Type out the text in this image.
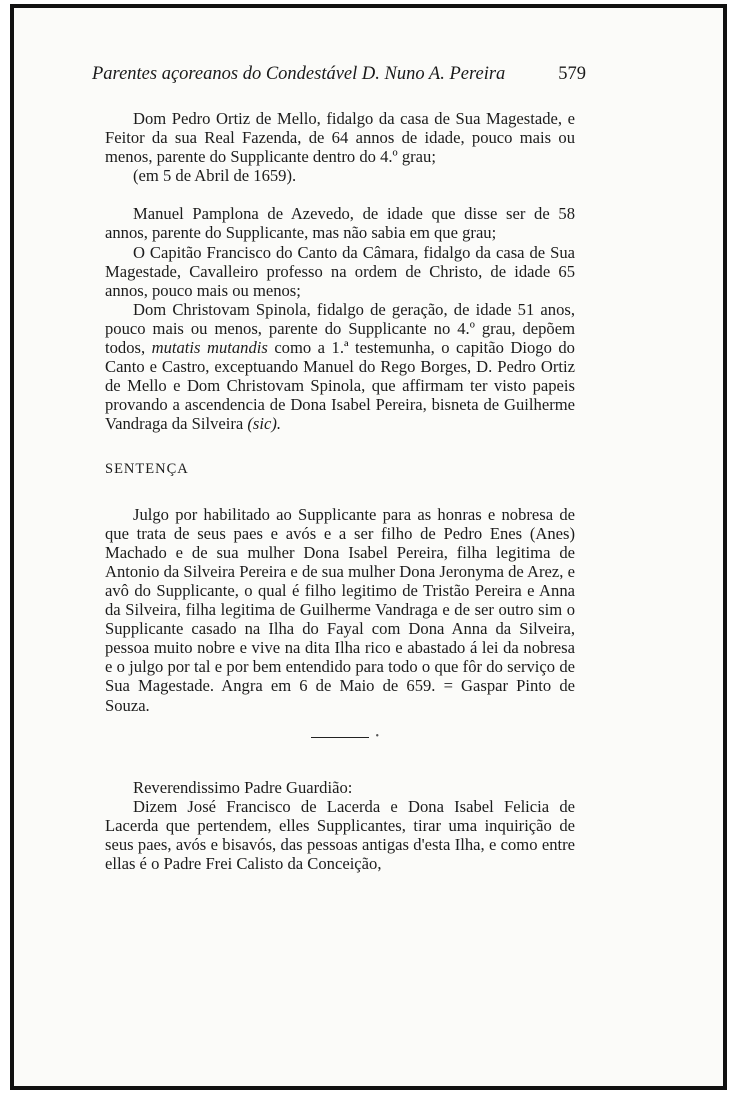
Parentes açoreanos do Condestável D. Nuno A. Pereira	579

Dom Pedro Ortiz de Mello, fidalgo da casa de Sua Magestade, e Feitor da sua Real Fazenda, de 64 annos de idade, pouco mais ou menos, parente do Supplicante dentro do 4.º grau;

(em 5 de Abril de 1659).

Manuel Pamplona de Azevedo, de idade que disse ser de 58 annos, parente do Supplicante, mas não sabia em que grau;

O Capitão Francisco do Canto da Câmara, fidalgo da casa de Sua Magestade, Cavalleiro professo na ordem de Christo, de idade 65 annos, pouco mais ou menos;

Dom Christovam Spinola, fidalgo de geração, de idade 51 anos, pouco mais ou menos, parente do Supplicante no 4.º grau, depõem todos, mutatis mutandis como a 1.ª testemunha, o capitão Diogo do Canto e Castro, exceptuando Manuel do Rego Borges, D. Pedro Ortiz de Mello e Dom Christovam Spinola, que affirmam ter visto papeis provando a ascendencia de Dona Isabel Pereira, bisneta de Guilherme Vandraga da Silveira (sic).

SENTENÇA

Julgo por habilitado ao Supplicante para as honras e nobresa de que trata de seus paes e avós e a ser filho de Pedro Enes (Anes) Machado e de sua mulher Dona Isabel Pereira, filha legitima de Antonio da Silveira Pereira e de sua mulher Dona Jeronyma de Arez, e avô do Supplicante, o qual é filho legitimo de Tristão Pereira e Anna da Silveira, filha legitima de Guilherme Vandraga e de ser outro sim o Supplicante casado na Ilha do Fayal com Dona Anna da Silveira, pessoa muito nobre e vive na dita Ilha rico e abastado á lei da nobresa e o julgo por tal e por bem entendido para todo o que fôr do serviço de Sua Magestade. Angra em 6 de Maio de 659. = Gaspar Pinto de Souza.

•

Reverendissimo Padre Guardião:

Dizem José Francisco de Lacerda e Dona Isabel Felicia de Lacerda que pertendem, elles Supplicantes, tirar uma inquirição de seus paes, avós e bisavós, das pessoas antigas d'esta Ilha, e como entre ellas é o Padre Frei Calisto da Conceição,
